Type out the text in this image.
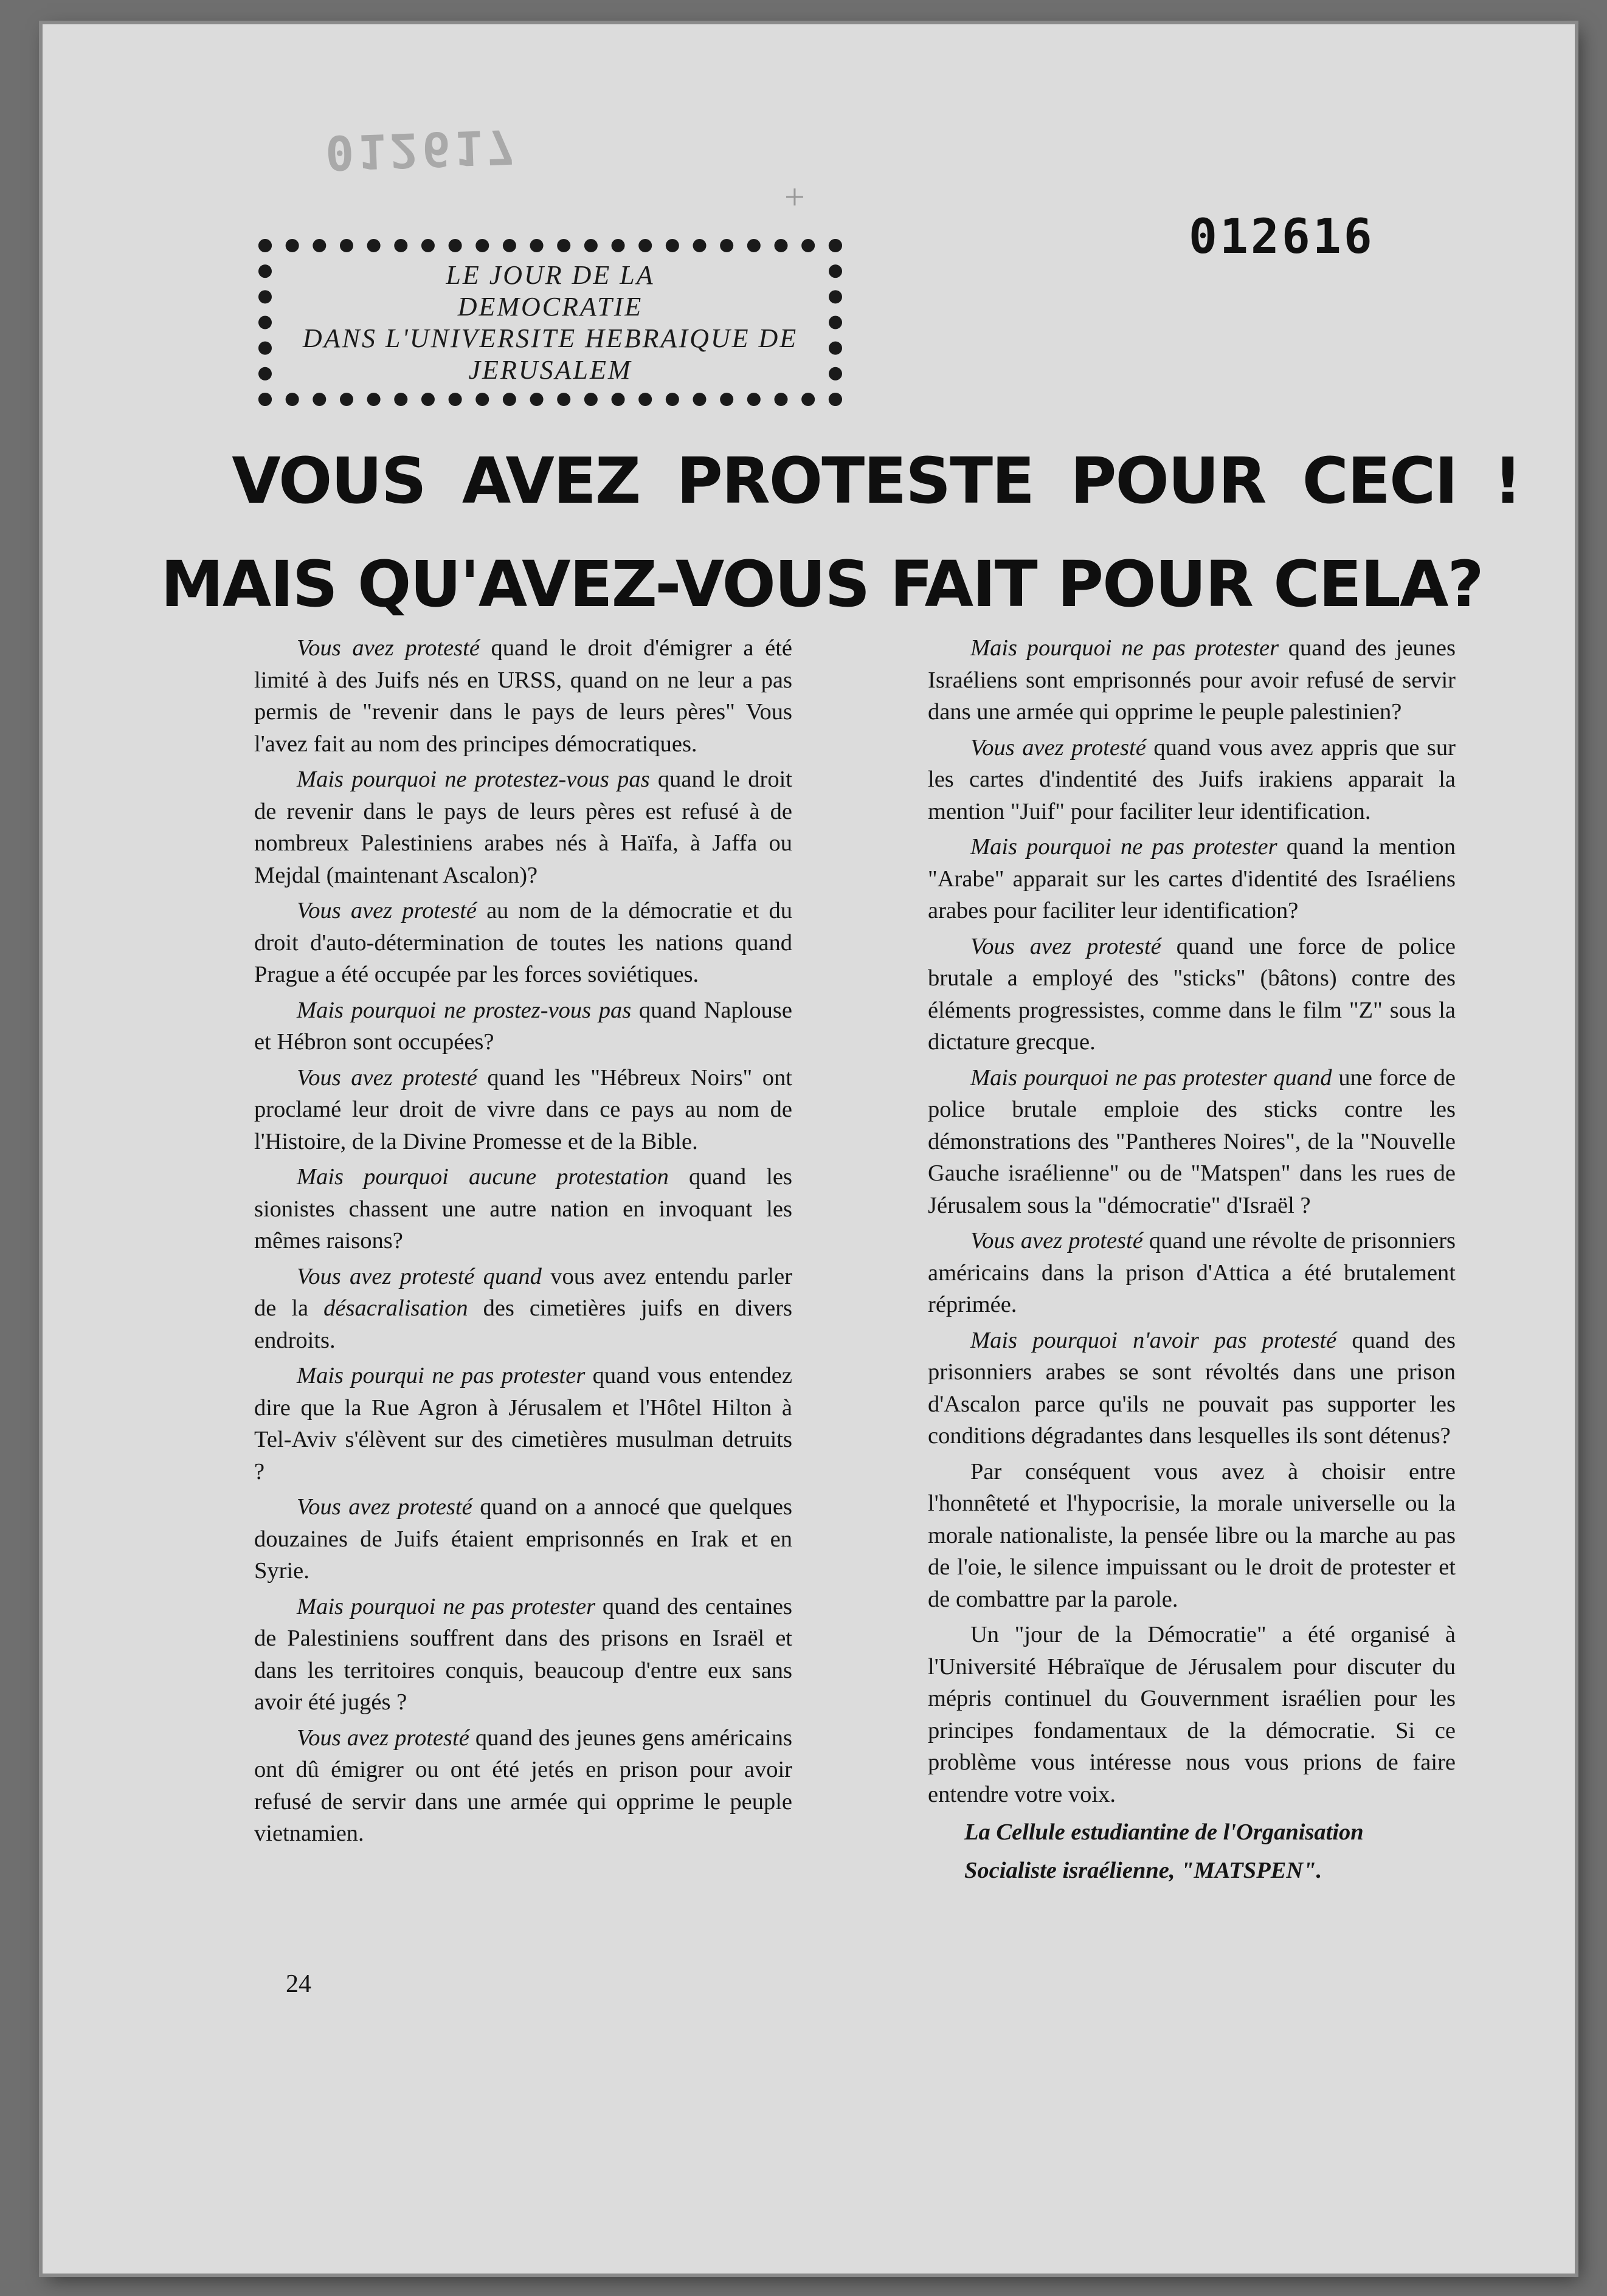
012617
012616
+
LE JOUR DE LA
DEMOCRATIE
DANS L'UNIVERSITE HEBRAIQUE DE
JERUSALEM
VOUS AVEZ PROTESTE POUR CECI !
MAIS QU'AVEZ-VOUS FAIT POUR CELA?

Vous avez protesté quand le droit d'émigrer a été limité à des Juifs nés en URSS, quand on ne leur a pas permis de "revenir dans le pays de leurs pères" Vous l'avez fait au nom des principes démocratiques.

Mais pourquoi ne protestez-vous pas quand le droit de revenir dans le pays de leurs pères est refusé à de nombreux Palestiniens arabes nés à Haïfa, à Jaffa ou Mejdal (maintenant Ascalon)?

Vous avez protesté au nom de la démocratie et du droit d'auto-détermination de toutes les nations quand Prague a été occupée par les forces soviétiques.

Mais pourquoi ne prostez-vous pas quand Naplouse et Hébron sont occupées?

Vous avez protesté quand les "Hébreux Noirs" ont proclamé leur droit de vivre dans ce pays au nom de l'Histoire, de la Divine Promesse et de la Bible.

Mais pourquoi aucune protestation quand les sionistes chassent une autre nation en invoquant les mêmes raisons?

Vous avez protesté quand vous avez entendu parler de la désacralisation des cimetières juifs en divers endroits.

Mais pourqui ne pas protester quand vous entendez dire que la Rue Agron à Jérusalem et l'Hôtel Hilton à Tel-Aviv s'élèvent sur des cimetières musulman detruits ?

Vous avez protesté quand on a annocé que quelques douzaines de Juifs étaient emprisonnés en Irak et en Syrie.

Mais pourquoi ne pas protester quand des centaines de Palestiniens souffrent dans des prisons en Israël et dans les territoires conquis, beaucoup d'entre eux sans avoir été jugés ?

Vous avez protesté quand des jeunes gens américains ont dû émigrer ou ont été jetés en prison pour avoir refusé de servir dans une armée qui opprime le peuple vietnamien.

Mais pourquoi ne pas protester quand des jeunes Israéliens sont emprisonnés pour avoir refusé de servir dans une armée qui opprime le peuple palestinien?

Vous avez protesté quand vous avez appris que sur les cartes d'indentité des Juifs irakiens apparait la mention "Juif" pour faciliter leur identification.

Mais pourquoi ne pas protester quand la mention "Arabe" apparait sur les cartes d'identité des Israéliens arabes pour faciliter leur identification?

Vous avez protesté quand une force de police brutale a employé des "sticks" (bâtons) contre des éléments progressistes, comme dans le film "Z" sous la dictature grecque.

Mais pourquoi ne pas protester quand une force de police brutale emploie des sticks contre les démonstrations des "Pantheres Noires", de la "Nouvelle Gauche israélienne" ou de "Matspen" dans les rues de Jérusalem sous la "démocratie" d'Israël ?

Vous avez protesté quand une révolte de prisonniers américains dans la prison d'Attica a été brutalement réprimée.

Mais pourquoi n'avoir pas protesté quand des prisonniers arabes se sont révoltés dans une prison d'Ascalon parce qu'ils ne pouvait pas supporter les conditions dégradantes dans lesquelles ils sont détenus?

Par conséquent vous avez à choisir entre l'honnêteté et l'hypocrisie, la morale universelle ou la morale nationaliste, la pensée libre ou la marche au pas de l'oie, le silence impuissant ou le droit de protester et de combattre par la parole.

Un "jour de la Démocratie" a été organisé à l'Université Hébraïque de Jérusalem pour discuter du mépris continuel du Gouvernment israélien pour les principes fondamentaux de la démocratie. Si ce problème vous intéresse nous vous prions de faire entendre votre voix.

La Cellule estudiantine de l'Organisation
Socialiste israélienne, "MATSPEN".
24
